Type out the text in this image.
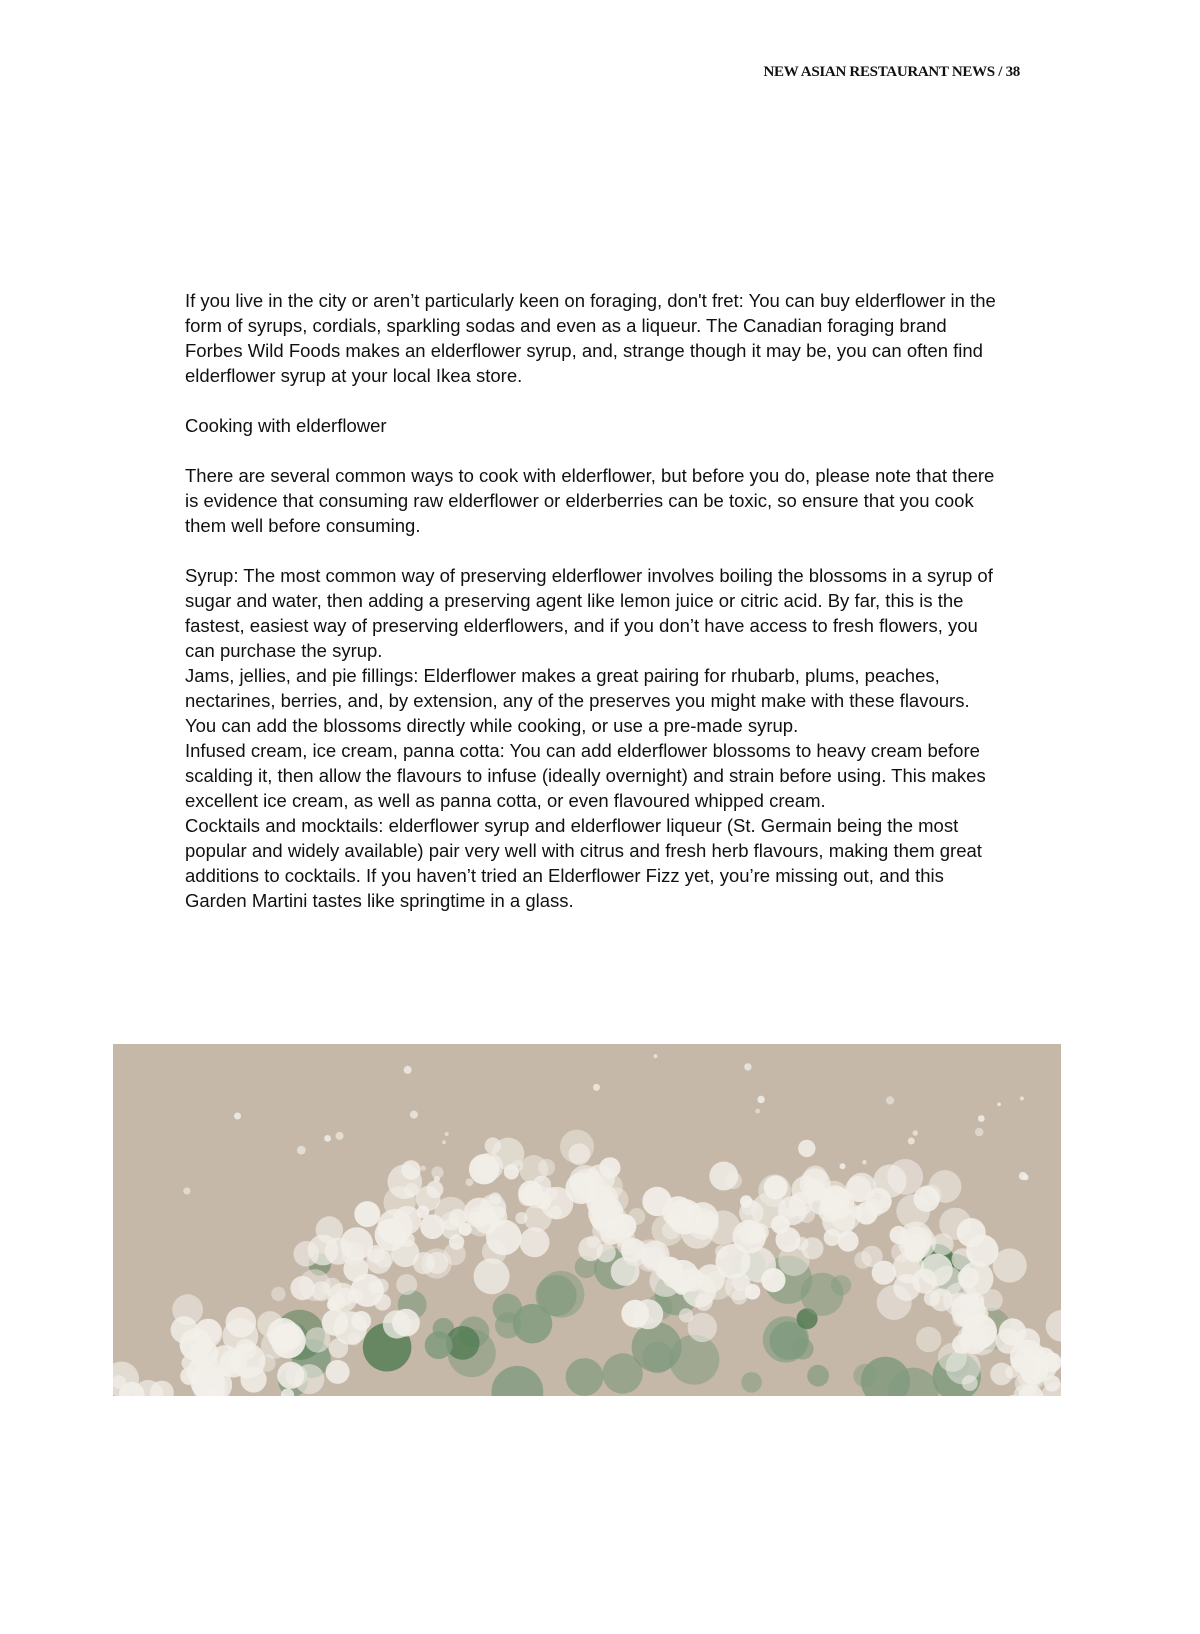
NEW ASIAN RESTAURANT NEWS / 38

If you live in the city or aren’t particularly keen on foraging, don't fret: You can buy elderflower in the form of syrups, cordials, sparkling sodas and even as a liqueur. The Canadian foraging brand Forbes Wild Foods makes an elderflower syrup, and, strange though it may be, you can often find elderflower syrup at your local Ikea store.

Cooking with elderflower

There are several common ways to cook with elderflower, but before you do, please note that there is evidence that consuming raw elderflower or elderberries can be toxic, so ensure that you cook them well before consuming.

Syrup: The most common way of preserving elderflower involves boiling the blossoms in a syrup of sugar and water, then adding a preserving agent like lemon juice or citric acid. By far, this is the fastest, easiest way of preserving elderflowers, and if you don’t have access to fresh flowers, you can purchase the syrup.

Jams, jellies, and pie fillings: Elderflower makes a great pairing for rhubarb, plums, peaches, nectarines, berries, and, by extension, any of the preserves you might make with these flavours. You can add the blossoms directly while cooking, or use a pre-made syrup.

Infused cream, ice cream, panna cotta: You can add elderflower blossoms to heavy cream before scalding it, then allow the flavours to infuse (ideally overnight) and strain before using. This makes excellent ice cream, as well as panna cotta, or even flavoured whipped cream.

Cocktails and mocktails: elderflower syrup and elderflower liqueur (St. Germain being the most popular and widely available) pair very well with citrus and fresh herb flavours, making them great additions to cocktails. If you haven’t tried an Elderflower Fizz yet, you’re missing out, and this Garden Martini tastes like springtime in a glass.
